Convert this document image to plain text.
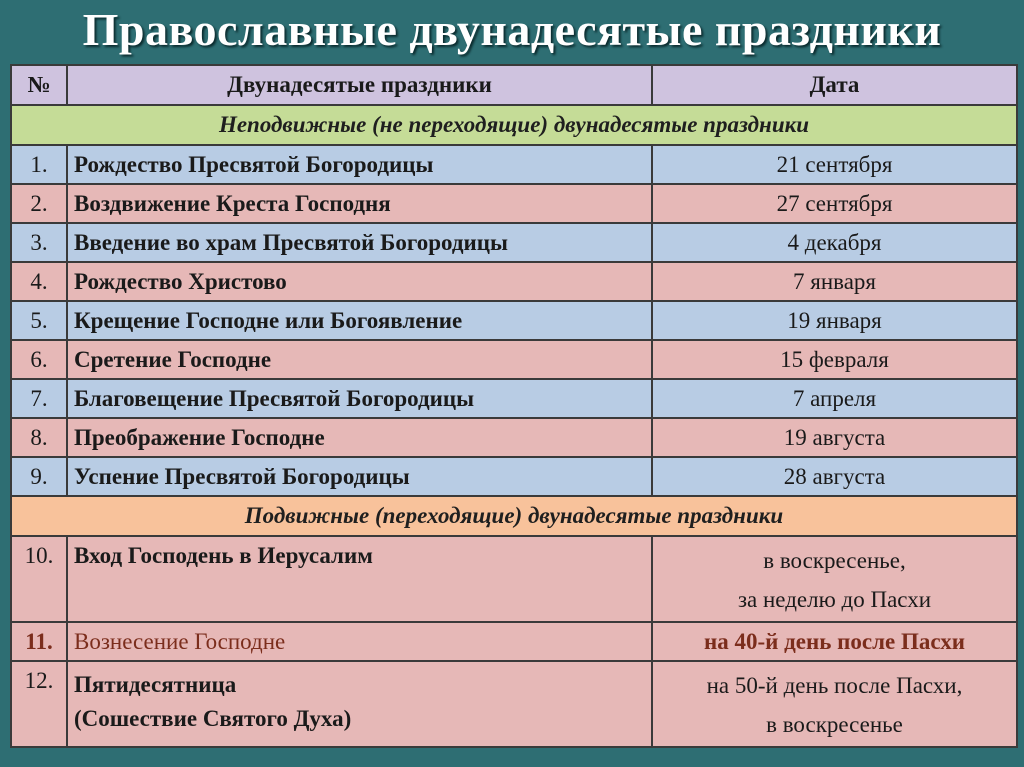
Православные двунадесятые праздники
№	Двунадесятые праздники	Дата
Неподвижные (не переходящие) двунадесятые праздники		
1.	Рождество Пресвятой Богородицы	21 сентября
2.	Воздвижение Креста Господня	27 сентября
3.	Введение во храм Пресвятой Богородицы	4 декабря
4.	Рождество Христово	7 января
5.	Крещение Господне или Богоявление	19 января
6.	Сретение Господне	15 февраля
7.	Благовещение Пресвятой Богородицы	7 апреля
8.	Преображение Господне	19 августа
9.	Успение Пресвятой Богородицы	28 августа
Подвижные (переходящие) двунадесятые праздники		
10.	Вход Господень в Иерусалим	в воскресенье,
за неделю до Пасхи

11.	Вознесение Господне	на 40-й день после Пасхи
12.	Пятидесятница
(Сошествие Святого Духа)	на 50-й день после Пасхи,
в воскресенье
